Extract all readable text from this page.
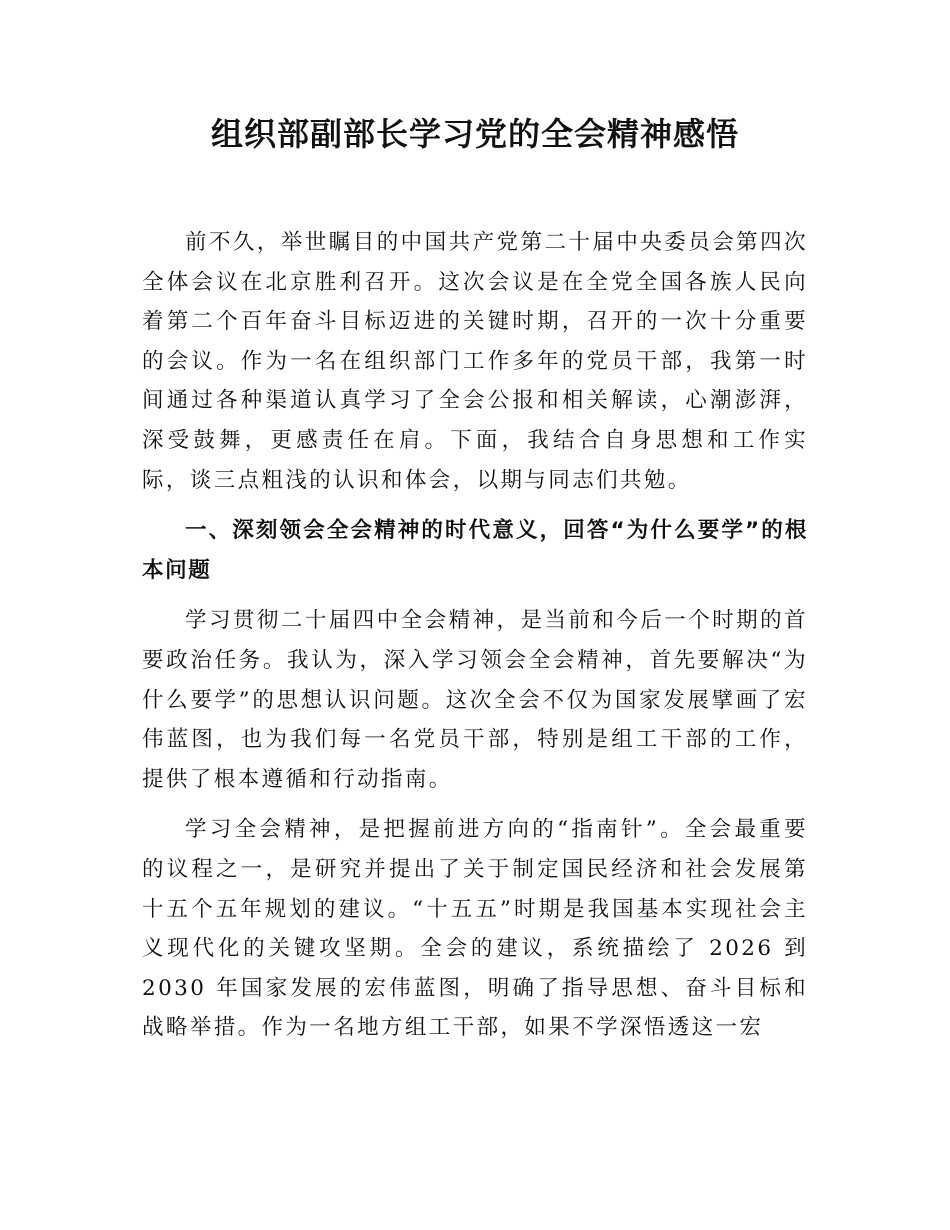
组织部副部长学习党的全会精神感悟

前不久，举世瞩目的中国共产党第二十届中央委员会第四次全体会议在北京胜利召开。这次会议是在全党全国各族人民向着第二个百年奋斗目标迈进的关键时期，召开的一次十分重要的会议。作为一名在组织部门工作多年的党员干部，我第一时间通过各种渠道认真学习了全会公报和相关解读，心潮澎湃，深受鼓舞，更感责任在肩。下面，我结合自身思想和工作实际，谈三点粗浅的认识和体会，以期与同志们共勉。

一、深刻领会全会精神的时代意义，回答“为什么要学”的根本问题

学习贯彻二十届四中全会精神，是当前和今后一个时期的首要政治任务。我认为，深入学习领会全会精神，首先要解决“为什么要学”的思想认识问题。这次全会不仅为国家发展擘画了宏伟蓝图，也为我们每一名党员干部，特别是组工干部的工作，提供了根本遵循和行动指南。

学习全会精神，是把握前进方向的“指南针”。全会最重要的议程之一，是研究并提出了关于制定国民经济和社会发展第十五个五年规划的建议。“十五五”时期是我国基本实现社会主义现代化的关键攻坚期。全会的建议，系统描绘了 2026 到 2030 年国家发展的宏伟蓝图，明确了指导思想、奋斗目标和战略举措。作为一名地方组工干部，如果不学深悟透这一宏
